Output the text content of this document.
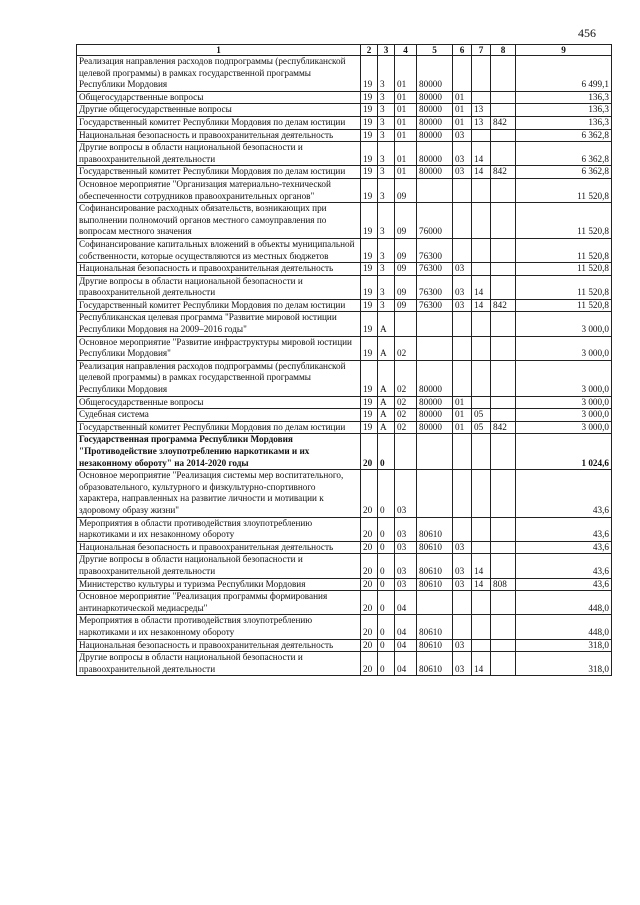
456
1	2	3	4	5	6	7	8	9
Реализация направления расходов подпрограммы (республиканской целевой программы) в рамках государственной программы Республики Мордовия	19	3	01	80000				6 499,1
Общегосударственные вопросы	19	3	01	80000	01			136,3
Другие общегосударственные вопросы	19	3	01	80000	01	13		136,3
Государственный комитет Республики Мордовия по делам юстиции	19	3	01	80000	01	13	842	136,3
Национальная безопасность и правоохранительная деятельность	19	3	01	80000	03			6 362,8
Другие вопросы в области национальной безопасности и правоохранительной деятельности	19	3	01	80000	03	14		6 362,8
Государственный комитет Республики Мордовия по делам юстиции	19	3	01	80000	03	14	842	6 362,8
Основное мероприятие "Организация материально-технической обеспеченности сотрудников правоохранительных органов"	19	3	09					11 520,8
Софинансирование расходных обязательств, возникающих при выполнении полномочий органов местного самоуправления по вопросам местного значения	19	3	09	76000				11 520,8
Софинансирование капитальных вложений в объекты муниципальной собственности, которые осуществляются из местных бюджетов	19	3	09	76300				11 520,8
Национальная безопасность и правоохранительная деятельность	19	3	09	76300	03			11 520,8
Другие вопросы в области национальной безопасности и правоохранительной деятельности	19	3	09	76300	03	14		11 520,8
Государственный комитет Республики Мордовия по делам юстиции	19	3	09	76300	03	14	842	11 520,8
Республиканская целевая программа "Развитие мировой юстиции Республики Мордовия на 2009–2016 годы"	19	А						3 000,0
Основное мероприятие "Развитие инфраструктуры мировой юстиции Республики Мордовия"	19	А	02					3 000,0
Реализация направления расходов подпрограммы (республиканской целевой программы) в рамках государственной программы Республики Мордовия	19	А	02	80000				3 000,0
Общегосударственные вопросы	19	А	02	80000	01			3 000,0
Судебная система	19	А	02	80000	01	05		3 000,0
Государственный комитет Республики Мордовия по делам юстиции	19	А	02	80000	01	05	842	3 000,0
Государственная программа Республики Мордовия "Противодействие злоупотреблению наркотиками и их незаконному обороту" на 2014-2020 годы	20	0						1 024,6
Основное мероприятие "Реализация системы мер воспитательного, образовательного, культурного и физкультурно-спортивного характера, направленных на развитие личности и мотивации к здоровому образу жизни"	20	0	03					43,6
Мероприятия в области противодействия злоупотреблению наркотиками и их незаконному обороту	20	0	03	80610				43,6
Национальная безопасность и правоохранительная деятельность	20	0	03	80610	03			43,6
Другие вопросы в области национальной безопасности и правоохранительной деятельности	20	0	03	80610	03	14		43,6
Министерство культуры и туризма Республики Мордовия	20	0	03	80610	03	14	808	43,6
Основное мероприятие "Реализация программы формирования антинаркотической медиасреды"	20	0	04					448,0
Мероприятия в области противодействия злоупотреблению наркотиками и их незаконному обороту	20	0	04	80610				448,0
Национальная безопасность и правоохранительная деятельность	20	0	04	80610	03			318,0
Другие вопросы в области национальной безопасности и правоохранительной деятельности	20	0	04	80610	03	14		318,0
